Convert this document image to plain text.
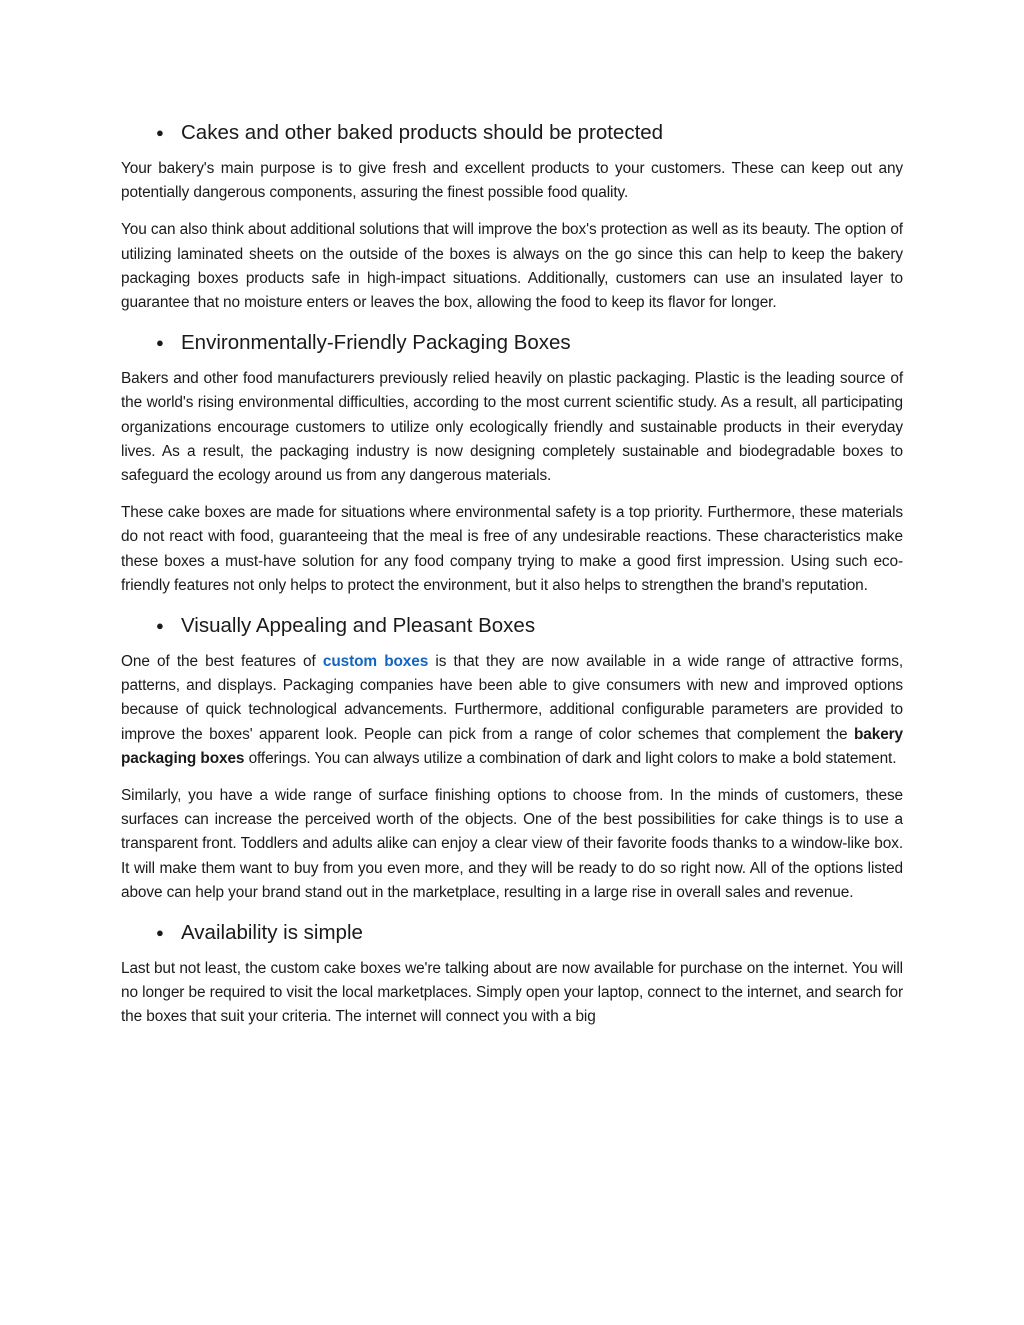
● Cakes and other baked products should be protected

Your bakery's main purpose is to give fresh and excellent products to your customers. These can keep out any potentially dangerous components, assuring the finest possible food quality.

You can also think about additional solutions that will improve the box's protection as well as its beauty. The option of utilizing laminated sheets on the outside of the boxes is always on the go since this can help to keep the bakery packaging boxes products safe in high-impact situations. Additionally, customers can use an insulated layer to guarantee that no moisture enters or leaves the box, allowing the food to keep its flavor for longer.

● Environmentally-Friendly Packaging Boxes

Bakers and other food manufacturers previously relied heavily on plastic packaging. Plastic is the leading source of the world's rising environmental difficulties, according to the most current scientific study. As a result, all participating organizations encourage customers to utilize only ecologically friendly and sustainable products in their everyday lives. As a result, the packaging industry is now designing completely sustainable and biodegradable boxes to safeguard the ecology around us from any dangerous materials.

These cake boxes are made for situations where environmental safety is a top priority. Furthermore, these materials do not react with food, guaranteeing that the meal is free of any undesirable reactions. These characteristics make these boxes a must-have solution for any food company trying to make a good first impression. Using such eco-friendly features not only helps to protect the environment, but it also helps to strengthen the brand's reputation.

● Visually Appealing and Pleasant Boxes

One of the best features of custom boxes is that they are now available in a wide range of attractive forms, patterns, and displays. Packaging companies have been able to give consumers with new and improved options because of quick technological advancements. Furthermore, additional configurable parameters are provided to improve the boxes' apparent look. People can pick from a range of color schemes that complement the bakery packaging boxes offerings. You can always utilize a combination of dark and light colors to make a bold statement.

Similarly, you have a wide range of surface finishing options to choose from. In the minds of customers, these surfaces can increase the perceived worth of the objects. One of the best possibilities for cake things is to use a transparent front. Toddlers and adults alike can enjoy a clear view of their favorite foods thanks to a window-like box. It will make them want to buy from you even more, and they will be ready to do so right now. All of the options listed above can help your brand stand out in the marketplace, resulting in a large rise in overall sales and revenue.

● Availability is simple

Last but not least, the custom cake boxes we're talking about are now available for purchase on the internet. You will no longer be required to visit the local marketplaces. Simply open your laptop, connect to the internet, and search for the boxes that suit your criteria. The internet will connect you with a big
